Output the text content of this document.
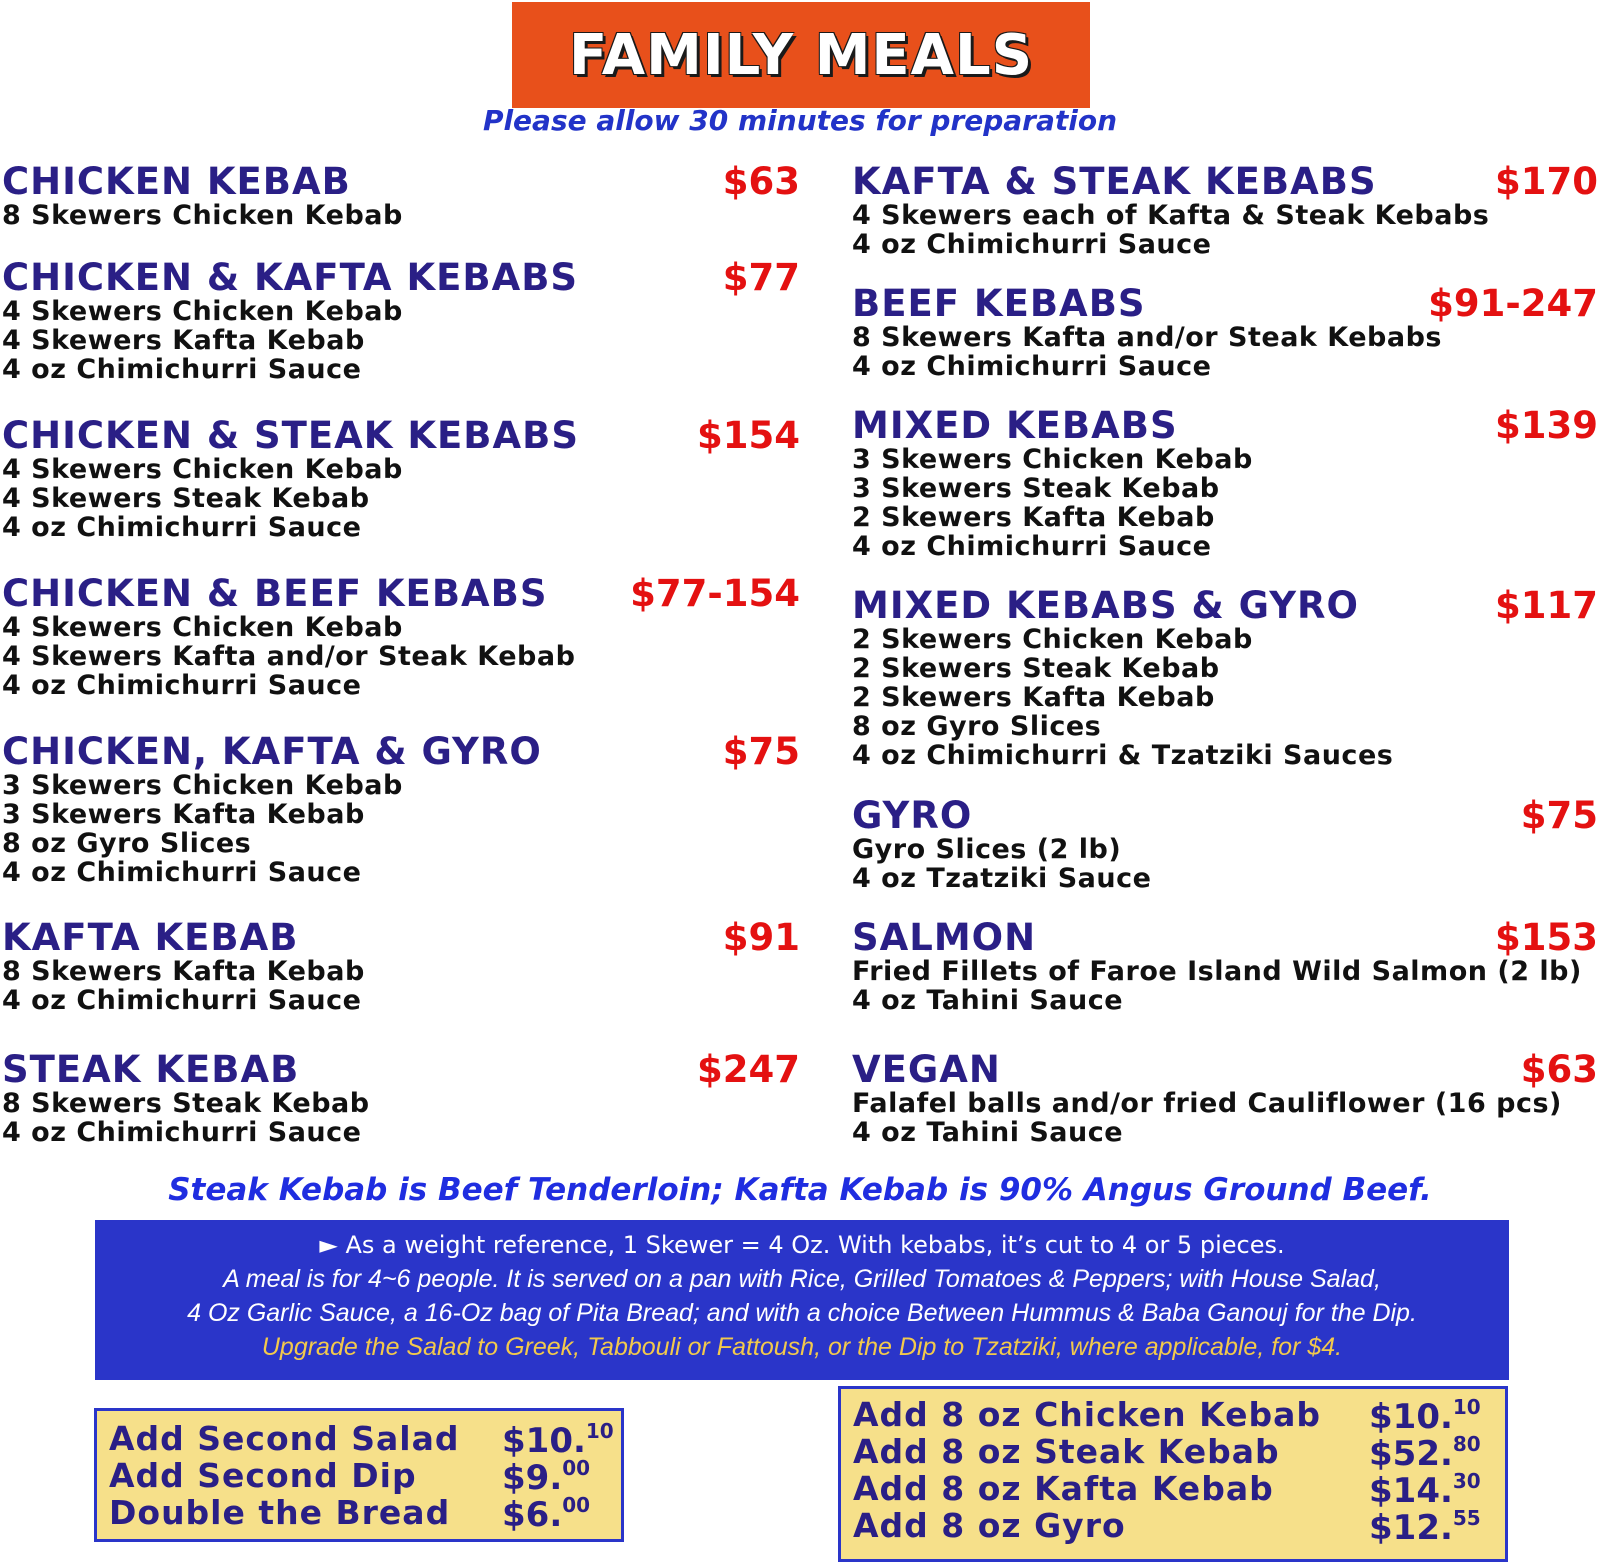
FAMILY MEALS
Please allow 30 minutes for preparation
CHICKEN KEBAB	$63
8 Skewers Chicken Kebab
CHICKEN & KAFTA KEBABS	$77
4 Skewers Chicken Kebab
4 Skewers Kafta Kebab
4 oz Chimichurri Sauce
CHICKEN & STEAK KEBABS	$154
4 Skewers Chicken Kebab
4 Skewers Steak Kebab
4 oz Chimichurri Sauce
CHICKEN & BEEF KEBABS $77-154
4 Skewers Chicken Kebab
4 Skewers Kafta and/or Steak Kebab
4 oz Chimichurri Sauce
CHICKEN, KAFTA & GYRO	$75
3 Skewers Chicken Kebab
3 Skewers Kafta Kebab
8 oz Gyro Slices
4 oz Chimichurri Sauce
KAFTA KEBAB	$91
8 Skewers Kafta Kebab
4 oz Chimichurri Sauce
STEAK KEBAB	$247
8 Skewers Steak Kebab
4 oz Chimichurri Sauce
KAFTA & STEAK KEBABS	$170
4 Skewers each of Kafta & Steak Kebabs
4 oz Chimichurri Sauce
BEEF KEBABS	$91-247
8 Skewers Kafta and/or Steak Kebabs
4 oz Chimichurri Sauce
MIXED KEBABS	$139
3 Skewers Chicken Kebab
3 Skewers Steak Kebab
2 Skewers Kafta Kebab
4 oz Chimichurri Sauce
MIXED KEBABS & GYRO	$117
2 Skewers Chicken Kebab
2 Skewers Steak Kebab
2 Skewers Kafta Kebab
8 oz Gyro Slices
4 oz Chimichurri & Tzatziki Sauces
GYRO	$75
Gyro Slices (2 lb)
4 oz Tzatziki Sauce
SALMON	$153
Fried Fillets of Faroe Island Wild Salmon (2 lb)
4 oz Tahini Sauce
VEGAN	$63
Falafel balls and/or fried Cauliflower (16 pcs)
4 oz Tahini Sauce
Steak Kebab is Beef Tenderloin; Kafta Kebab is 90% Angus Ground Beef.
► As a weight reference, 1 Skewer = 4 Oz. With kebabs, it’s cut to 4 or 5 pieces.
A meal is for 4~6 people. It is served on a pan with Rice, Grilled Tomatoes & Peppers; with House Salad,
4 Oz Garlic Sauce, a 16-Oz bag of Pita Bread; and with a choice Between Hummus & Baba Ganouj for the Dip.
Upgrade the Salad to Greek, Tabbouli or Fattoush, or the Dip to Tzatziki, where applicable, for $4.
Add Second Salad $10.10
Add Second Dip	$9.00
Double the Bread $6.00
Add 8 oz Chicken Kebab $10.10
Add 8 oz Steak Kebab	$52.80
Add 8 oz Kafta Kebab	$14.30
Add 8 oz Gyro	$12.55
